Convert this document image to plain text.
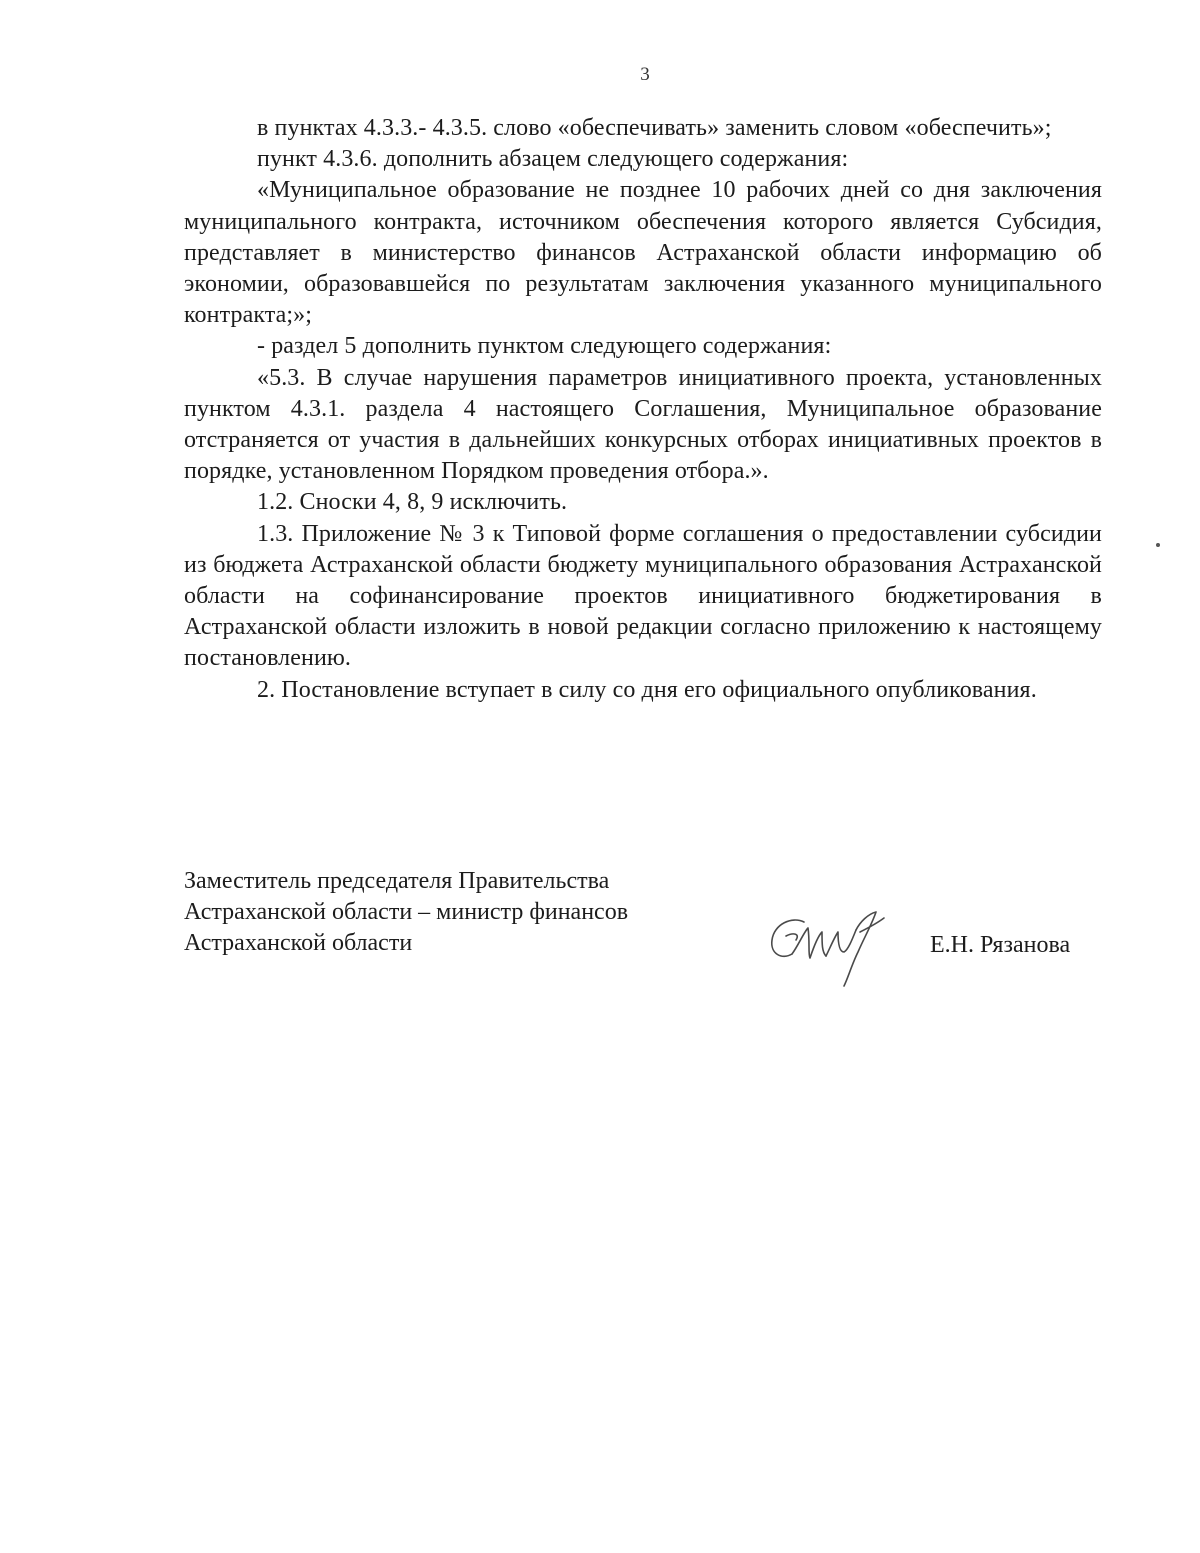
3

в пунктах 4.3.3.- 4.3.5. слово «обеспечивать» заменить словом «обеспечить»;

пункт 4.3.6. дополнить абзацем следующего содержания:

«Муниципальное образование не позднее 10 рабочих дней со дня заключения муниципального контракта, источником обеспечения которого является Субсидия, представляет в министерство финансов Астраханской области информацию об экономии, образовавшейся по результатам заключения указанного муниципального контракта;»;

- раздел 5 дополнить пунктом следующего содержания:

«5.3. В случае нарушения параметров инициативного проекта, установленных пунктом 4.3.1. раздела 4 настоящего Соглашения, Муниципальное образование отстраняется от участия в дальнейших конкурсных отборах инициативных проектов в порядке, установленном Порядком проведения отбора.».

1.2. Сноски 4, 8, 9 исключить.

1.3. Приложение № 3 к Типовой форме соглашения о предоставлении субсидии из бюджета Астраханской области бюджету муниципального образования Астраханской области на софинансирование проектов инициативного бюджетирования в Астраханской области изложить в новой редакции согласно приложению к настоящему постановлению.

2. Постановление вступает в силу со дня его официального опубликования.

Заместитель председателя Правительства
Астраханской области – министр финансов
Астраханской области	Е.Н. Рязанова
